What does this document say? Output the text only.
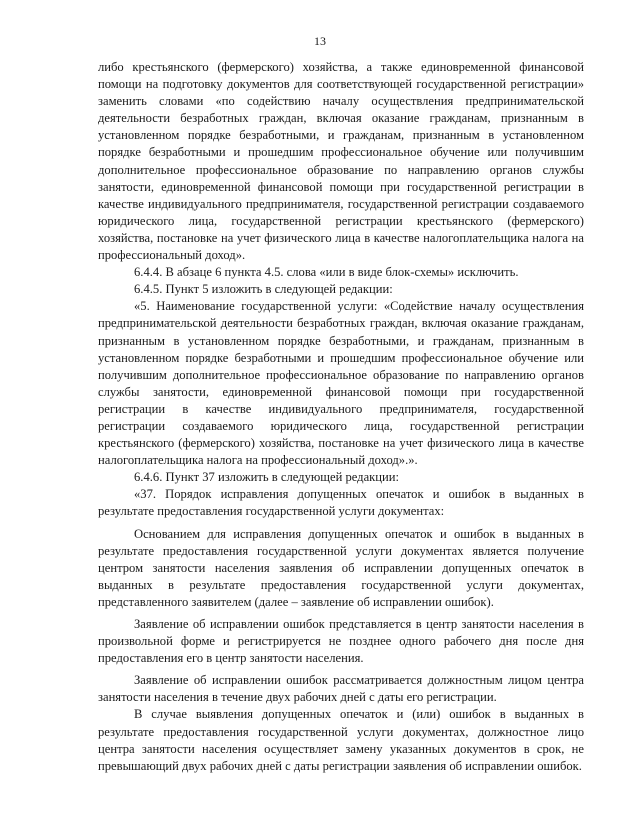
13

либо крестьянского (фермерского) хозяйства, а также единовременной финансовой помощи на подготовку документов для соответствующей государственной регистрации» заменить словами «по содействию началу осуществления предпринимательской деятельности безработных граждан, включая оказание гражданам, признанным в установленном порядке безработными, и гражданам, признанным в установленном порядке безработными и прошедшим профессиональное обучение или получившим дополнительное профессиональное образование по направлению органов службы занятости, единовременной финансовой помощи при государственной регистрации в качестве индивидуального предпринимателя, государственной регистрации создаваемого юридического лица, государственной регистрации крестьянского (фермерского) хозяйства, постановке на учет физического лица в качестве налогоплательщика налога на профессиональный доход».

6.4.4. В абзаце 6 пункта 4.5. слова «или в виде блок-схемы» исключить.

6.4.5. Пункт 5 изложить в следующей редакции:

«5. Наименование государственной услуги: «Содействие началу осуществления предпринимательской деятельности безработных граждан, включая оказание гражданам, признанным в установленном порядке безработными, и гражданам, признанным в установленном порядке безработными и прошедшим профессиональное обучение или получившим дополнительное профессиональное образование по направлению органов службы занятости, единовременной финансовой помощи при государственной регистрации в качестве индивидуального предпринимателя, государственной регистрации создаваемого юридического лица, государственной регистрации крестьянского (фермерского) хозяйства, постановке на учет физического лица в качестве налогоплательщика налога на профессиональный доход».».

6.4.6. Пункт 37 изложить в следующей редакции:

«37. Порядок исправления допущенных опечаток и ошибок в выданных в результате предоставления государственной услуги документах:

Основанием для исправления допущенных опечаток и ошибок в выданных в результате предоставления государственной услуги документах является получение центром занятости населения заявления об исправлении допущенных опечаток в выданных в результате предоставления государственной услуги документах, представленного заявителем (далее – заявление об исправлении ошибок).

Заявление об исправлении ошибок представляется в центр занятости населения в произвольной форме и регистрируется не позднее одного рабочего дня после дня предоставления его в центр занятости населения.

Заявление об исправлении ошибок рассматривается должностным лицом центра занятости населения в течение двух рабочих дней с даты его регистрации.

В случае выявления допущенных опечаток и (или) ошибок в выданных в результате предоставления государственной услуги документах, должностное лицо центра занятости населения осуществляет замену указанных документов в срок, не превышающий двух рабочих дней с даты регистрации заявления об исправлении ошибок.
